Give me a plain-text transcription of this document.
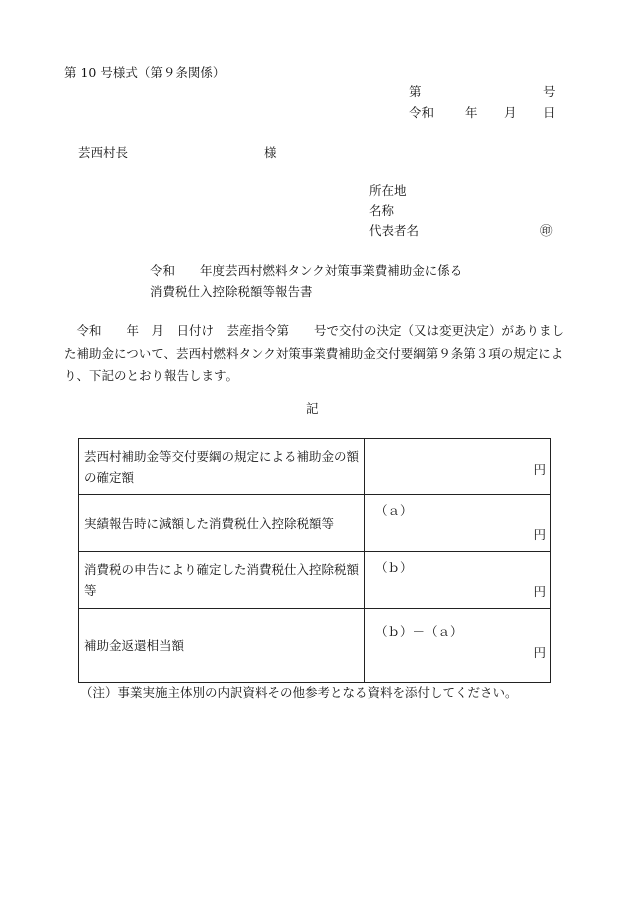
第 10 号様式（第９条関係）
第	号
令和 年 月 日
芸西村長	様
所在地
名称
代表者名	㊞
令和　　年度芸西村燃料タンク対策事業費補助金に係る
消費税仕入控除税額等報告書
　令和　　年　月　日付け　芸産指令第　　号で交付の決定（又は変更決定）がありました補助金について、芸西村燃料タンク対策事業費補助金交付要綱第９条第３項の規定により、下記のとおり報告します。
記
芸西村補助金等交付要綱の規定による補助金の額の確定額	円

実績報告時に減額した消費税仕入控除税額等	（ａ）
円

消費税の申告により確定した消費税仕入控除税額等	（ｂ）
円

補助金返還相当額	（ｂ）－（ａ）
円
（注）事業実施主体別の内訳資料その他参考となる資料を添付してください。
